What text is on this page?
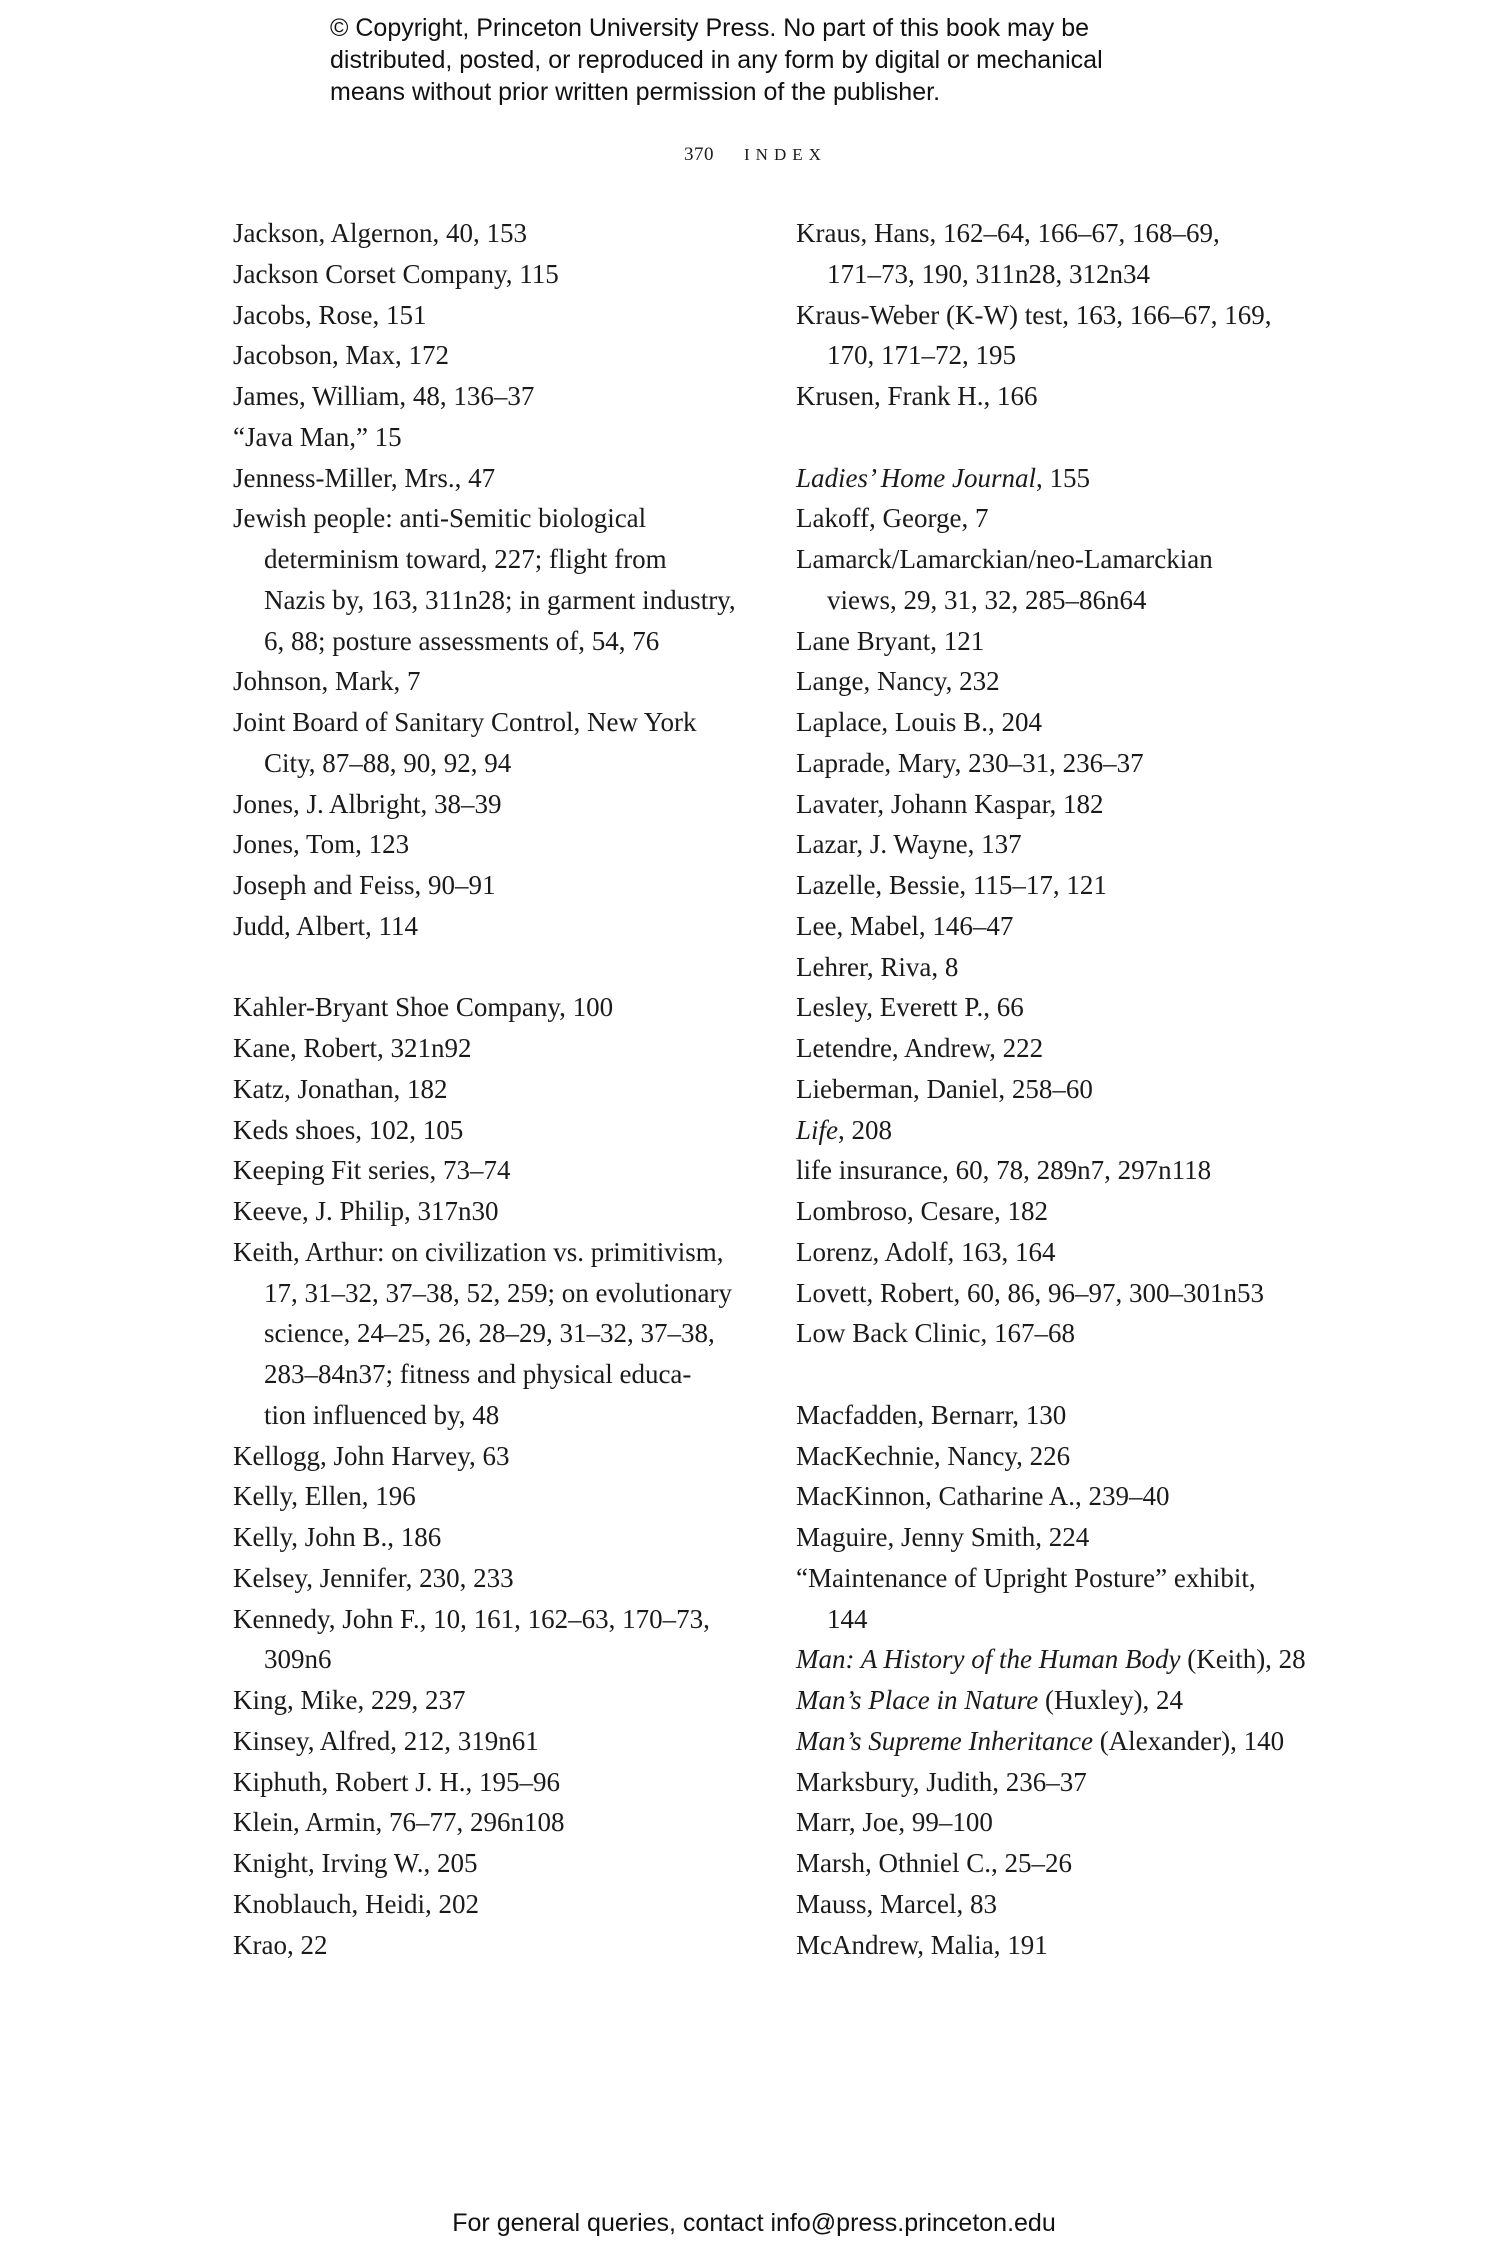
© Copyright, Princeton University Press. No part of this book may be
distributed, posted, or reproduced in any form by digital or mechanical
means without prior written permission of the publisher.
370 INDEX
Jackson, Algernon, 40, 153
Jackson Corset Company, 115
Jacobs, Rose, 151
Jacobson, Max, 172
James, William, 48, 136–37
“Java Man,” 15
Jenness-Miller, Mrs., 47
Jewish people: anti-Semitic biological
determinism toward, 227; flight from
Nazis by, 163, 311n28; in garment industry,
6, 88; posture assessments of, 54, 76
Johnson, Mark, 7
Joint Board of Sanitary Control, New York
City, 87–88, 90, 92, 94
Jones, J. Albright, 38–39
Jones, Tom, 123
Joseph and Feiss, 90–91
Judd, Albert, 114
Kahler-Bryant Shoe Company, 100
Kane, Robert, 321n92
Katz, Jonathan, 182
Keds shoes, 102, 105
Keeping Fit series, 73–74
Keeve, J. Philip, 317n30
Keith, Arthur: on civilization vs. primitivism,
17, 31–32, 37–38, 52, 259; on evolutionary
science, 24–25, 26, 28–29, 31–32, 37–38,
283–84n37; fitness and physical educa-
tion influenced by, 48
Kellogg, John Harvey, 63
Kelly, Ellen, 196
Kelly, John B., 186
Kelsey, Jennifer, 230, 233
Kennedy, John F., 10, 161, 162–63, 170–73,
309n6
King, Mike, 229, 237
Kinsey, Alfred, 212, 319n61
Kiphuth, Robert J. H., 195–96
Klein, Armin, 76–77, 296n108
Knight, Irving W., 205
Knoblauch, Heidi, 202
Krao, 22
Kraus, Hans, 162–64, 166–67, 168–69,
171–73, 190, 311n28, 312n34
Kraus-Weber (K-W) test, 163, 166–67, 169,
170, 171–72, 195
Krusen, Frank H., 166
Ladies’ Home Journal, 155
Lakoff, George, 7
Lamarck/Lamarckian/neo-Lamarckian
views, 29, 31, 32, 285–86n64
Lane Bryant, 121
Lange, Nancy, 232
Laplace, Louis B., 204
Laprade, Mary, 230–31, 236–37
Lavater, Johann Kaspar, 182
Lazar, J. Wayne, 137
Lazelle, Bessie, 115–17, 121
Lee, Mabel, 146–47
Lehrer, Riva, 8
Lesley, Everett P., 66
Letendre, Andrew, 222
Lieberman, Daniel, 258–60
Life, 208
life insurance, 60, 78, 289n7, 297n118
Lombroso, Cesare, 182
Lorenz, Adolf, 163, 164
Lovett, Robert, 60, 86, 96–97, 300–301n53
Low Back Clinic, 167–68
Macfadden, Bernarr, 130
MacKechnie, Nancy, 226
MacKinnon, Catharine A., 239–40
Maguire, Jenny Smith, 224
“Maintenance of Upright Posture” exhibit,
144
Man: A History of the Human Body (Keith), 28
Man’s Place in Nature (Huxley), 24
Man’s Supreme Inheritance (Alexander), 140
Marksbury, Judith, 236–37
Marr, Joe, 99–100
Marsh, Othniel C., 25–26
Mauss, Marcel, 83
McAndrew, Malia, 191
For general queries, contact info@press.princeton.edu
